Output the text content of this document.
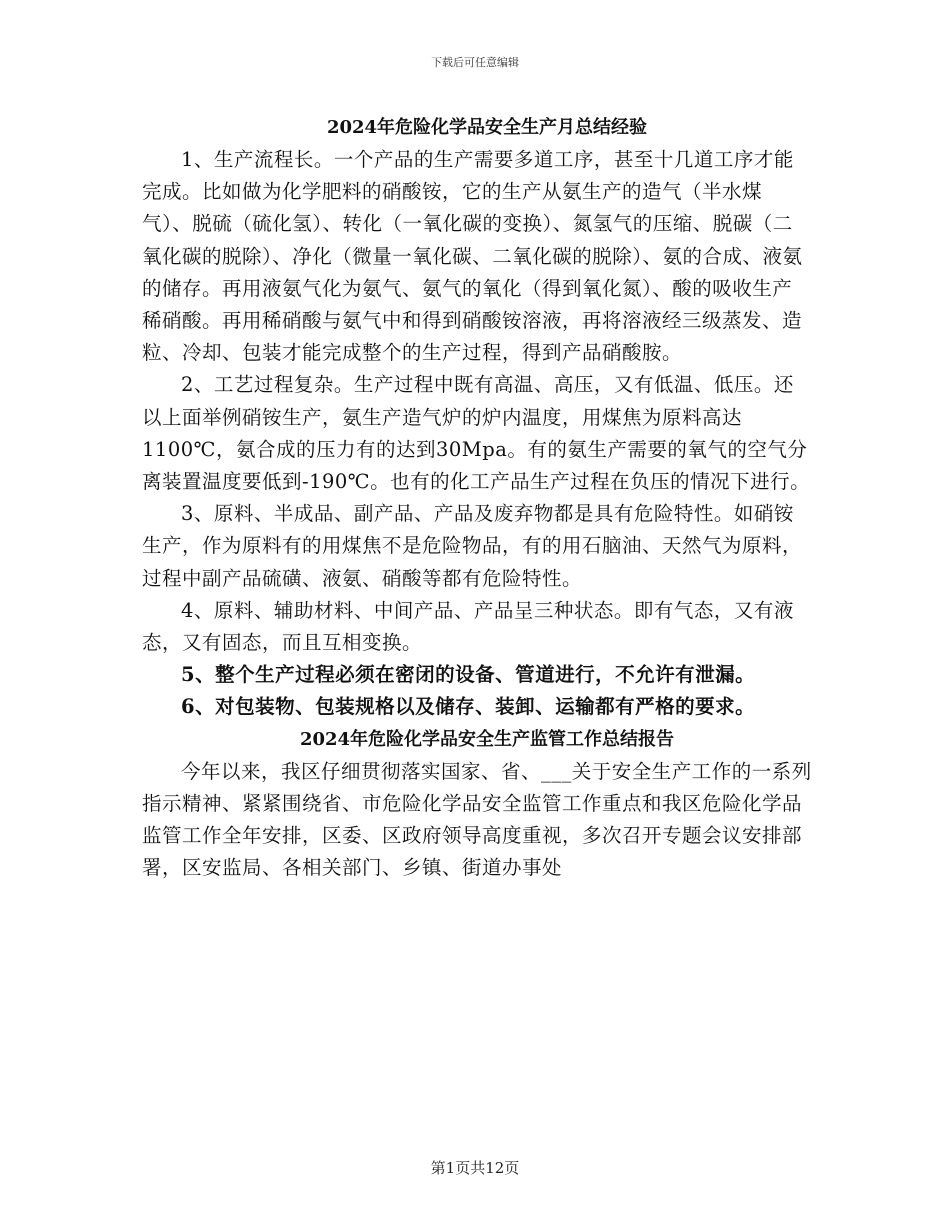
下载后可任意编辑

2024年危险化学品安全生产月总结经验

1、生产流程长。一个产品的生产需要多道工序，甚至十几道工序才能完成。比如做为化学肥料的硝酸铵，它的生产从氨生产的造气（半水煤气）、脱硫（硫化氢）、转化（一氧化碳的变换）、氮氢气的压缩、脱碳（二氧化碳的脱除）、净化（微量一氧化碳、二氧化碳的脱除）、氨的合成、液氨的储存。再用液氨气化为氨气、氨气的氧化（得到氧化氮）、酸的吸收生产稀硝酸。再用稀硝酸与氨气中和得到硝酸铵溶液，再将溶液经三级蒸发、造粒、冷却、包装才能完成整个的生产过程，得到产品硝酸胺。

2、工艺过程复杂。生产过程中既有高温、高压，又有低温、低压。还以上面举例硝铵生产，氨生产造气炉的炉内温度，用煤焦为原料高达1100℃，氨合成的压力有的达到30Mpa。有的氨生产需要的氧气的空气分离装置温度要低到-190℃。也有的化工产品生产过程在负压的情况下进行。

3、原料、半成品、副产品、产品及废弃物都是具有危险特性。如硝铵生产，作为原料有的用煤焦不是危险物品，有的用石脑油、天然气为原料，过程中副产品硫磺、液氨、硝酸等都有危险特性。

4、原料、辅助材料、中间产品、产品呈三种状态。即有气态，又有液态，又有固态，而且互相变换。

5、整个生产过程必须在密闭的设备、管道进行，不允许有泄漏。

6、对包装物、包装规格以及储存、装卸、运输都有严格的要求。

2024年危险化学品安全生产监管工作总结报告

今年以来，我区仔细贯彻落实国家、省、___关于安全生产工作的一系列指示精神、紧紧围绕省、市危险化学品安全监管工作重点和我区危险化学品监管工作全年安排，区委、区政府领导高度重视，多次召开专题会议安排部署，区安监局、各相关部门、乡镇、街道办事处

第1页共12页
